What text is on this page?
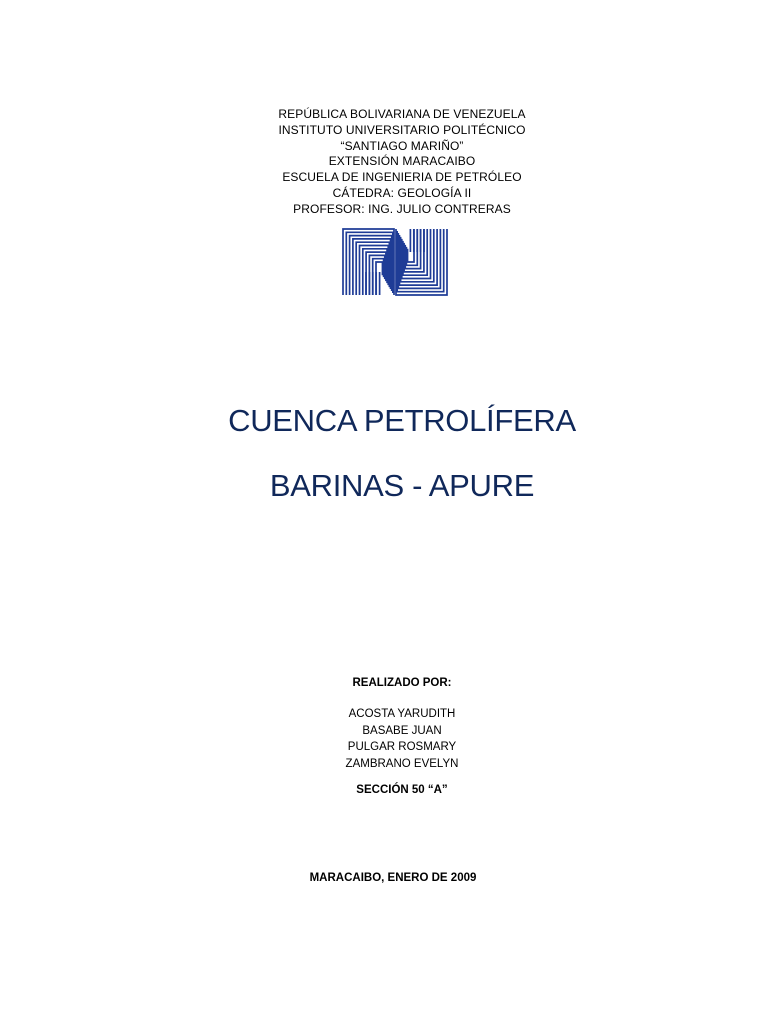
REPÚBLICA BOLIVARIANA DE VENEZUELA
INSTITUTO UNIVERSITARIO POLITÉCNICO
“SANTIAGO MARIÑO”
EXTENSIÓN MARACAIBO
ESCUELA DE INGENIERIA DE PETRÓLEO
CÁTEDRA: GEOLOGÍA II
PROFESOR: ING. JULIO CONTRERAS
CUENCA PETROLÍFERA
BARINAS - APURE
REALIZADO POR:
ACOSTA YARUDITH
BASABE JUAN
PULGAR ROSMARY
ZAMBRANO EVELYN
SECCIÓN 50 “A”
MARACAIBO, ENERO DE 2009
